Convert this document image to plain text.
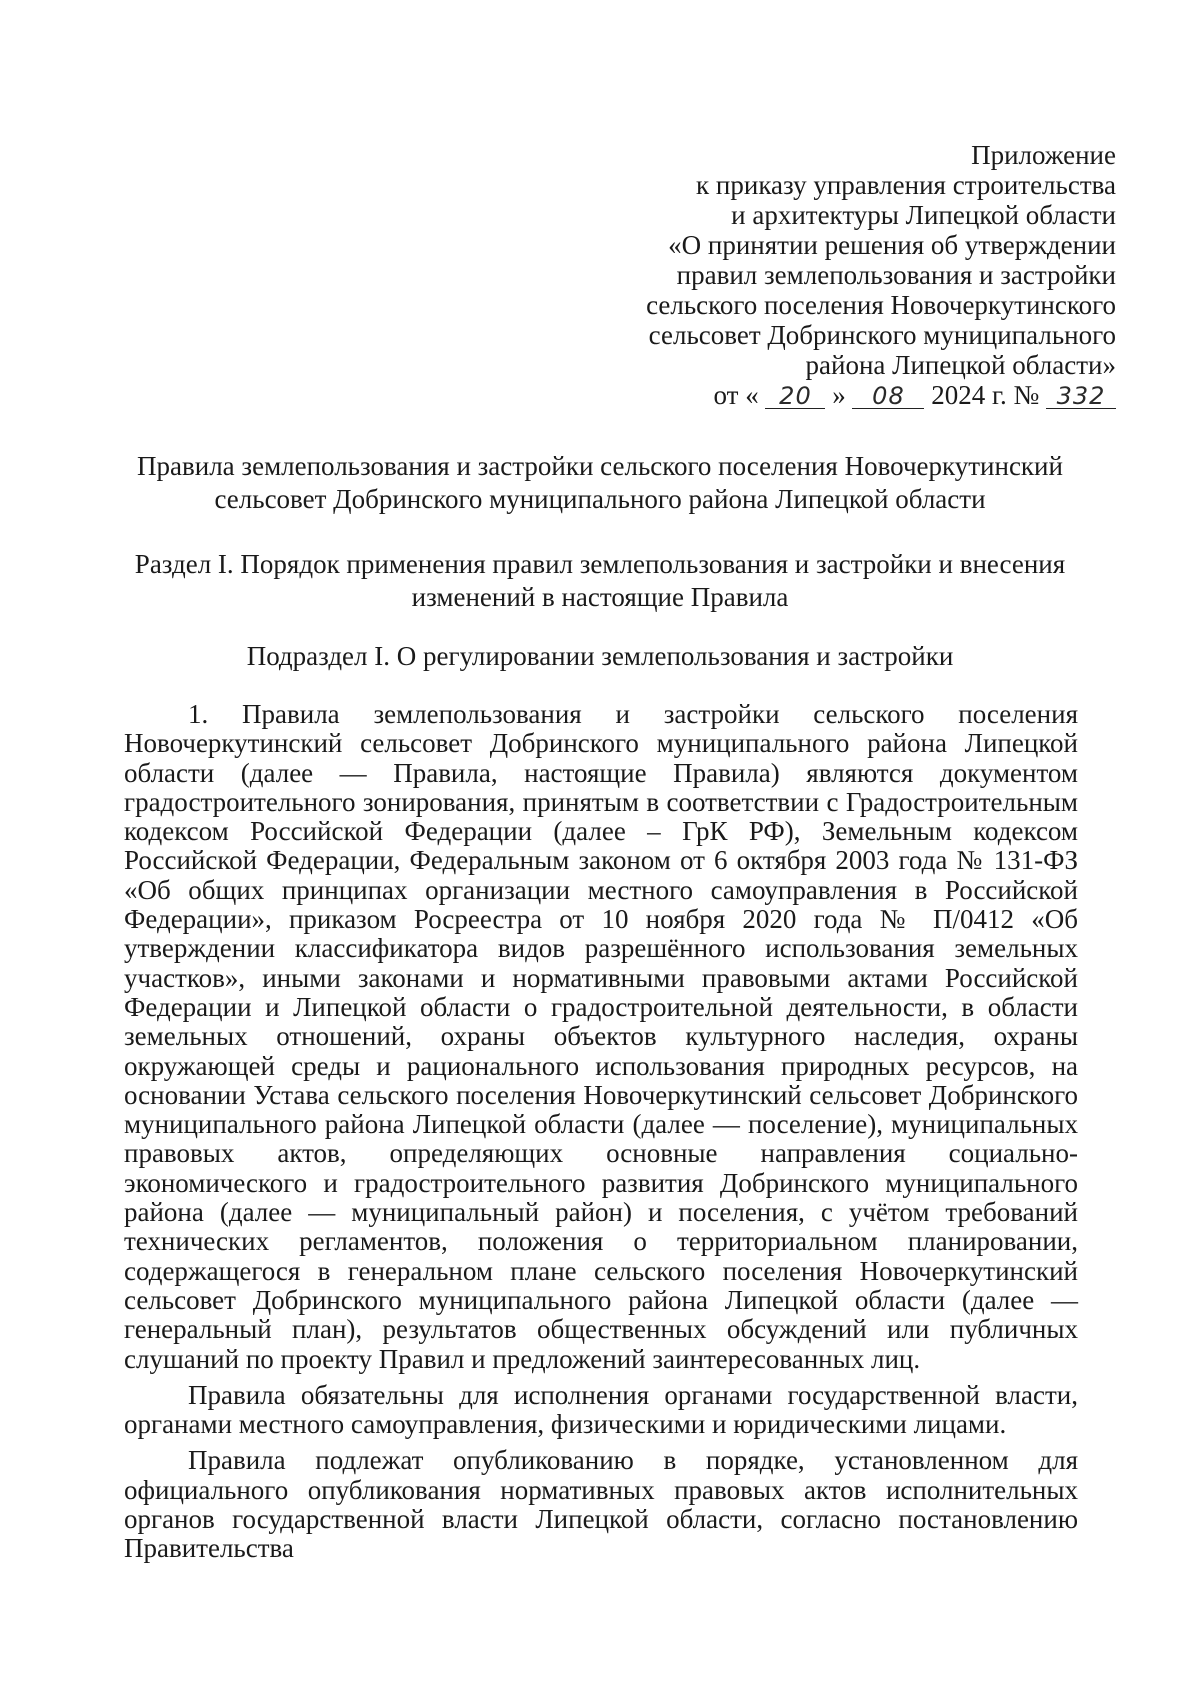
Приложение
к приказу управления строительства
и архитектуры Липецкой области
«О принятии решения об утверждении
правил землепользования и застройки
сельского поселения Новочеркутинского
сельсовет Добринского муниципального
района Липецкой области»
от « 20 » 08 2024 г. № 332
Правила землепользования и застройки сельского поселения Новочеркутинский сельсовет Добринского муниципального района Липецкой области
Раздел I. Порядок применения правил землепользования и застройки и внесения изменений в настоящие Правила
Подраздел I. О регулировании землепользования и застройки

1. Правила землепользования и застройки сельского поселения Новочеркутинский сельсовет Добринского муниципального района Липецкой области (далее — Правила, настоящие Правила) являются документом градостроительного зонирования, принятым в соответствии с Градостроительным кодексом Российской Федерации (далее – ГрК РФ), Земельным кодексом Российской Федерации, Федеральным законом от 6 октября 2003 года № 131-ФЗ «Об общих принципах организации местного самоуправления в Российской Федерации», приказом Росреестра от 10 ноября 2020 года № П/0412 «Об утверждении классификатора видов разрешённого использования земельных участков», иными законами и нормативными правовыми актами Российской Федерации и Липецкой области о градостроительной деятельности, в области земельных отношений, охраны объектов культурного наследия, охраны окружающей среды и рационального использования природных ресурсов, на основании Устава сельского поселения Новочеркутинский сельсовет Добринского муниципального района Липецкой области (далее — поселение), муниципальных правовых актов, определяющих основные направления социально-экономического и градостроительного развития Добринского муниципального района (далее — муниципальный район) и поселения, с учётом требований технических регламентов, положения о территориальном планировании, содержащегося в генеральном плане сельского поселения Новочеркутинский сельсовет Добринского муниципального района Липецкой области (далее — генеральный план), результатов общественных обсуждений или публичных слушаний по проекту Правил и предложений заинтересованных лиц.

Правила обязательны для исполнения органами государственной власти, органами местного самоуправления, физическими и юридическими лицами.

Правила подлежат опубликованию в порядке, установленном для официального опубликования нормативных правовых актов исполнительных органов государственной власти Липецкой области, согласно постановлению Правительства
